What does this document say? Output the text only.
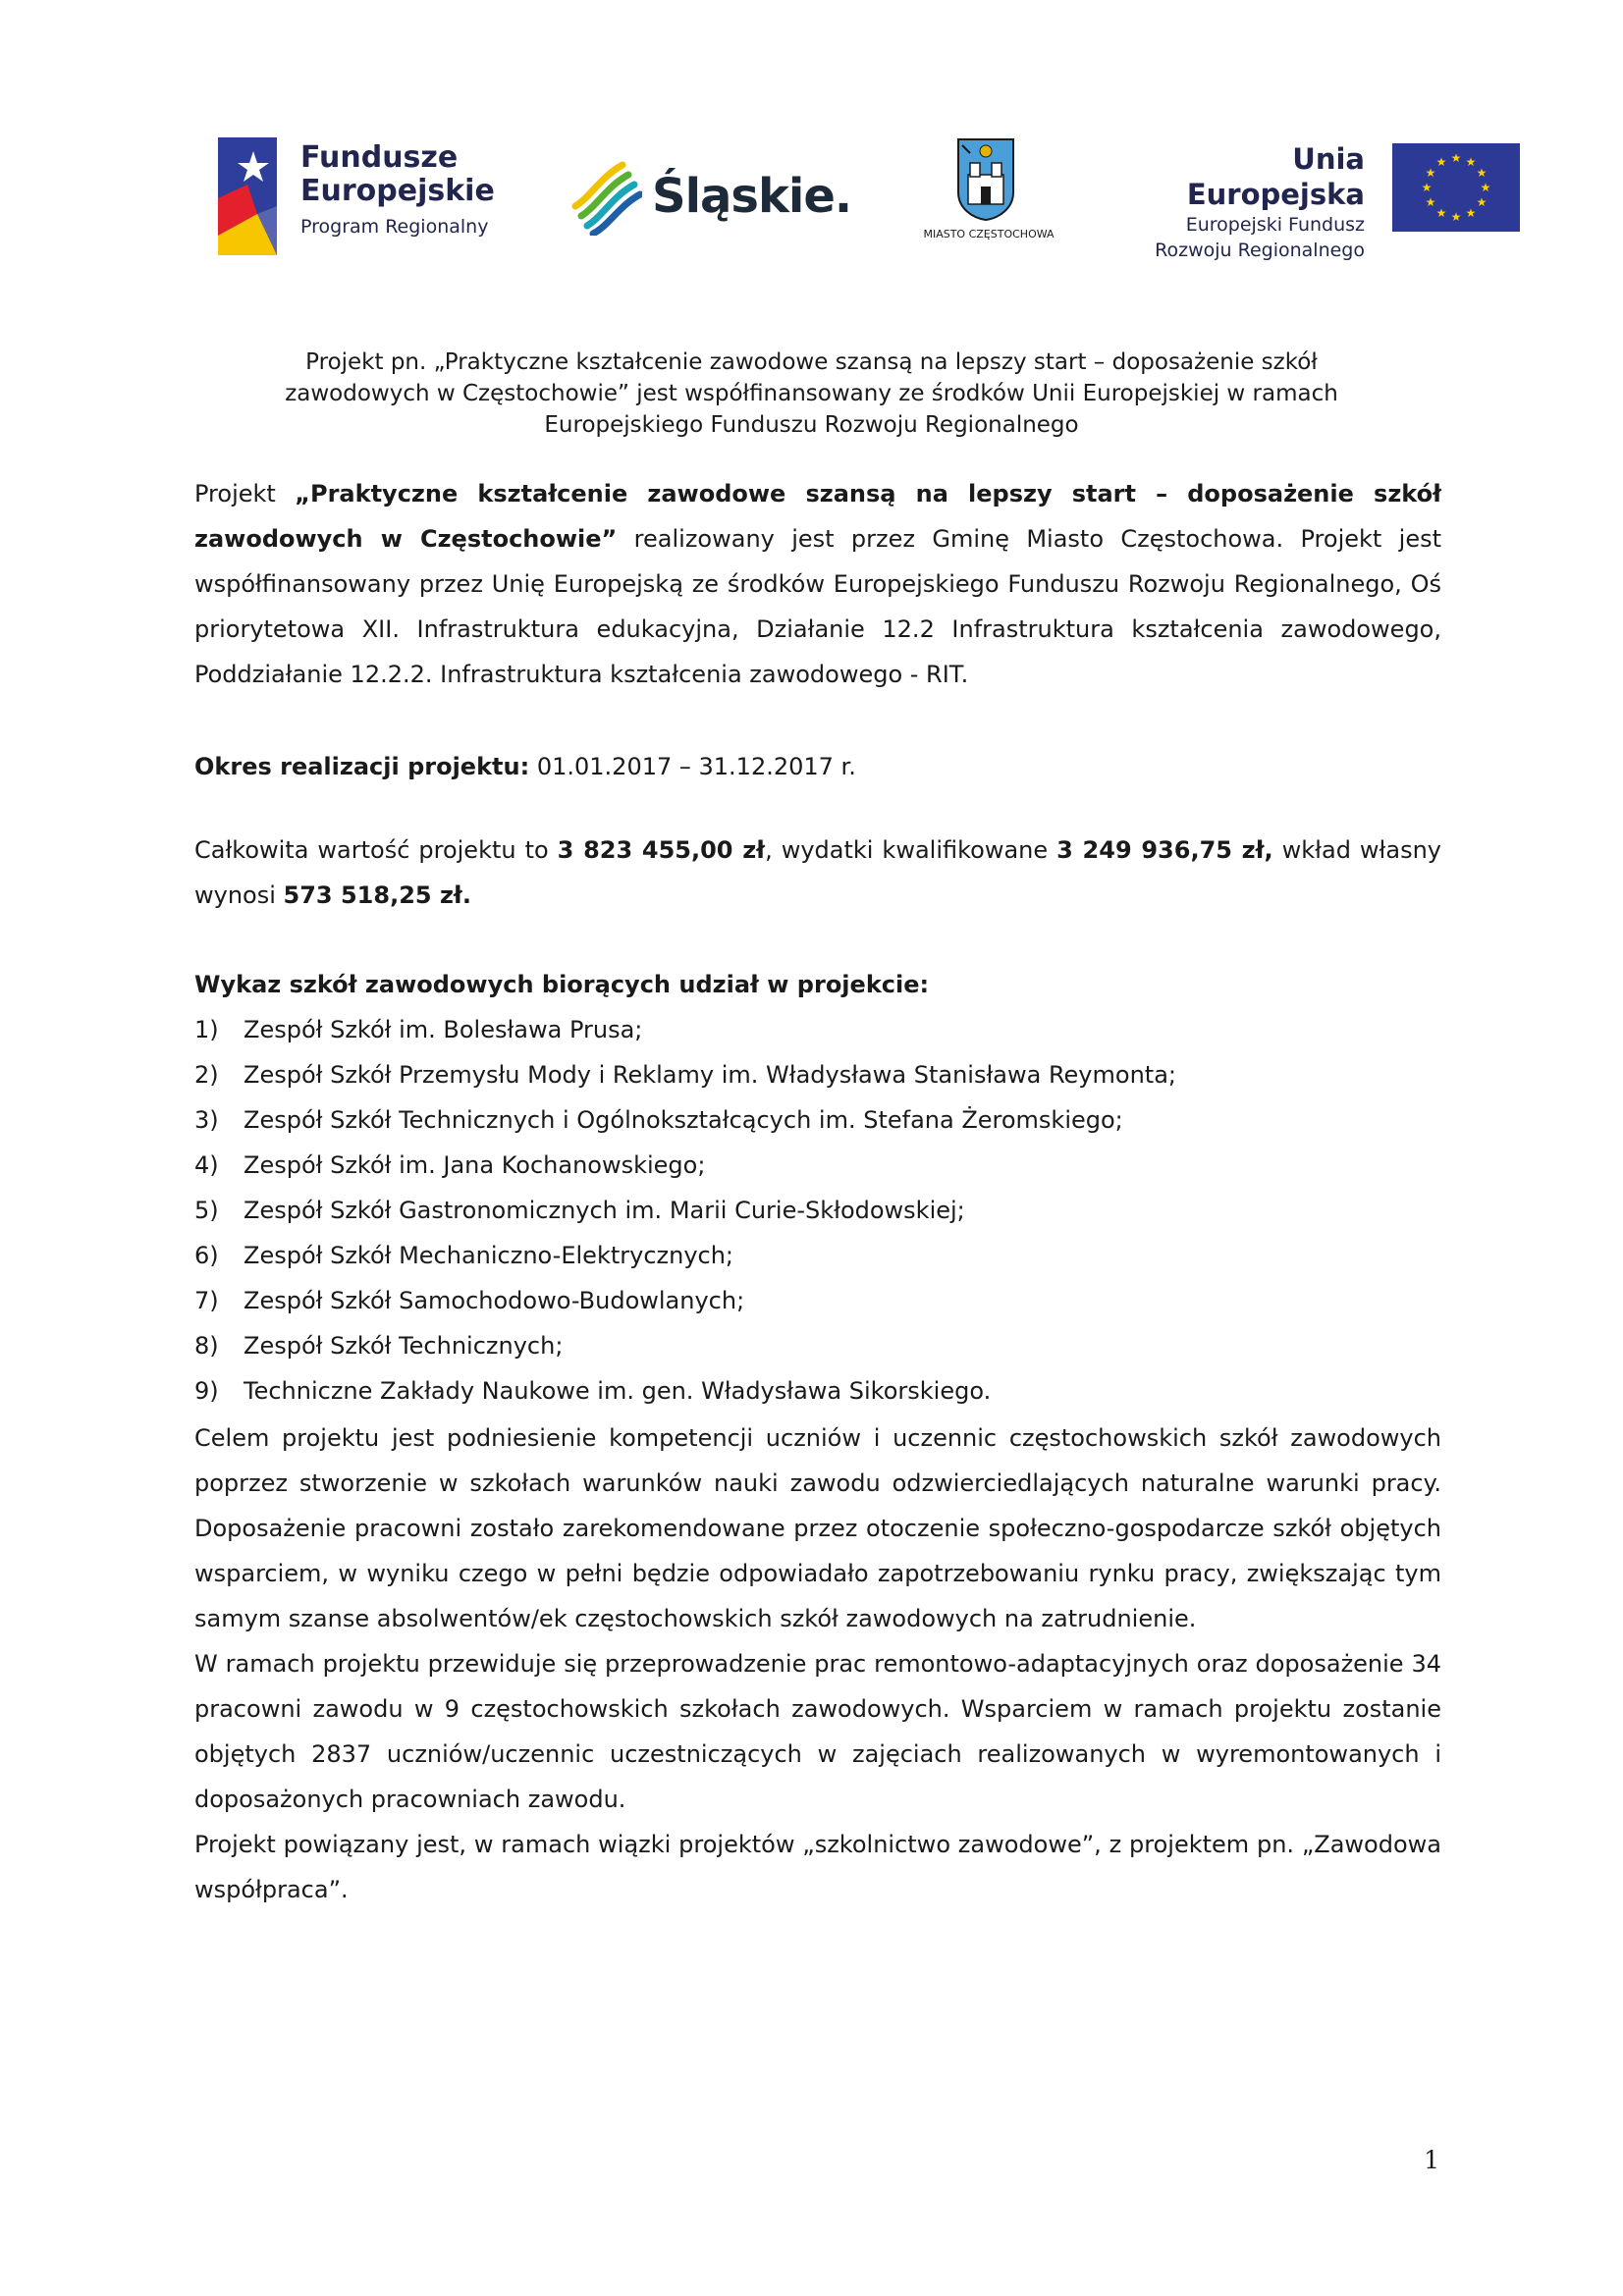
Fundusze
Europejskie
Program Regionalny
Śląskie.
MIASTO CZĘSTOCHOWA
Unia Europejska
Europejski Fundusz
Rozwoju Regionalnego
★ ★
★
★
★
★
★
★
★
★
★
★
Projekt pn. „Praktyczne kształcenie zawodowe szansą na lepszy start – doposażenie szkół
zawodowych w Częstochowie” jest współfinansowany ze środków Unii Europejskiej w ramach
Europejskiego Funduszu Rozwoju Regionalnego

Projekt „Praktyczne kształcenie zawodowe szansą na lepszy start – doposażenie szkół zawodowych w Częstochowie” realizowany jest przez Gminę Miasto Częstochowa. Projekt jest współfinansowany przez Unię Europejską ze środków Europejskiego Funduszu Rozwoju Regionalnego, Oś priorytetowa XII. Infrastruktura edukacyjna, Działanie 12.2 Infrastruktura kształcenia zawodowego, Poddziałanie 12.2.2. Infrastruktura kształcenia zawodowego - RIT.

Okres realizacji projektu: 01.01.2017 – 31.12.2017 r.

Całkowita wartość projektu to 3 823 455,00 zł, wydatki kwalifikowane 3 249 936,75 zł, wkład własny wynosi 573 518,25 zł.

Wykaz szkół zawodowych biorących udział w projekcie:

1)	Zespół Szkół im. Bolesława Prusa;
2)	Zespół Szkół Przemysłu Mody i Reklamy im. Władysława Stanisława Reymonta;
3)	Zespół Szkół Technicznych i Ogólnokształcących im. Stefana Żeromskiego;
4)	Zespół Szkół im. Jana Kochanowskiego;
5)	Zespół Szkół Gastronomicznych im. Marii Curie-Skłodowskiej;
6)	Zespół Szkół Mechaniczno-Elektrycznych;
7)	Zespół Szkół Samochodowo-Budowlanych;
8)	Zespół Szkół Technicznych;
9)	Techniczne Zakłady Naukowe im. gen. Władysława Sikorskiego.

Celem projektu jest podniesienie kompetencji uczniów i uczennic częstochowskich szkół zawodowych poprzez stworzenie w szkołach warunków nauki zawodu odzwierciedlających naturalne warunki pracy. Doposażenie pracowni zostało zarekomendowane przez otoczenie społeczno-gospodarcze szkół objętych wsparciem, w wyniku czego w pełni będzie odpowiadało zapotrzebowaniu rynku pracy, zwiększając tym samym szanse absolwentów/ek częstochowskich szkół zawodowych na zatrudnienie.

W ramach projektu przewiduje się przeprowadzenie prac remontowo-adaptacyjnych oraz doposażenie 34 pracowni zawodu w 9 częstochowskich szkołach zawodowych. Wsparciem w ramach projektu zostanie objętych 2837 uczniów/uczennic uczestniczących w zajęciach realizowanych w wyremontowanych i doposażonych pracowniach zawodu.

Projekt powiązany jest, w ramach wiązki projektów „szkolnictwo zawodowe”, z projektem pn. „Zawodowa współpraca”.

1
